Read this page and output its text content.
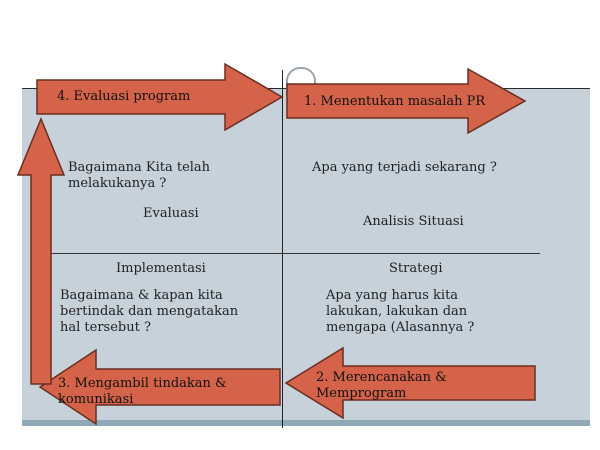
4. Evaluasi program	1. Menentukan masalah PR
2. Merencanakan &
Memprogram
3. Mengambil tindakan &
komunikasi
Bagaimana Kita telah
melakukanya ?
Evaluasi
Apa yang terjadi sekarang ?
Analisis Situasi
Implementasi
Bagaimana & kapan kita
bertindak dan mengatakan
hal tersebut ?
Strategi
Apa yang harus kita
lakukan, lakukan dan
mengapa (Alasannya ?
